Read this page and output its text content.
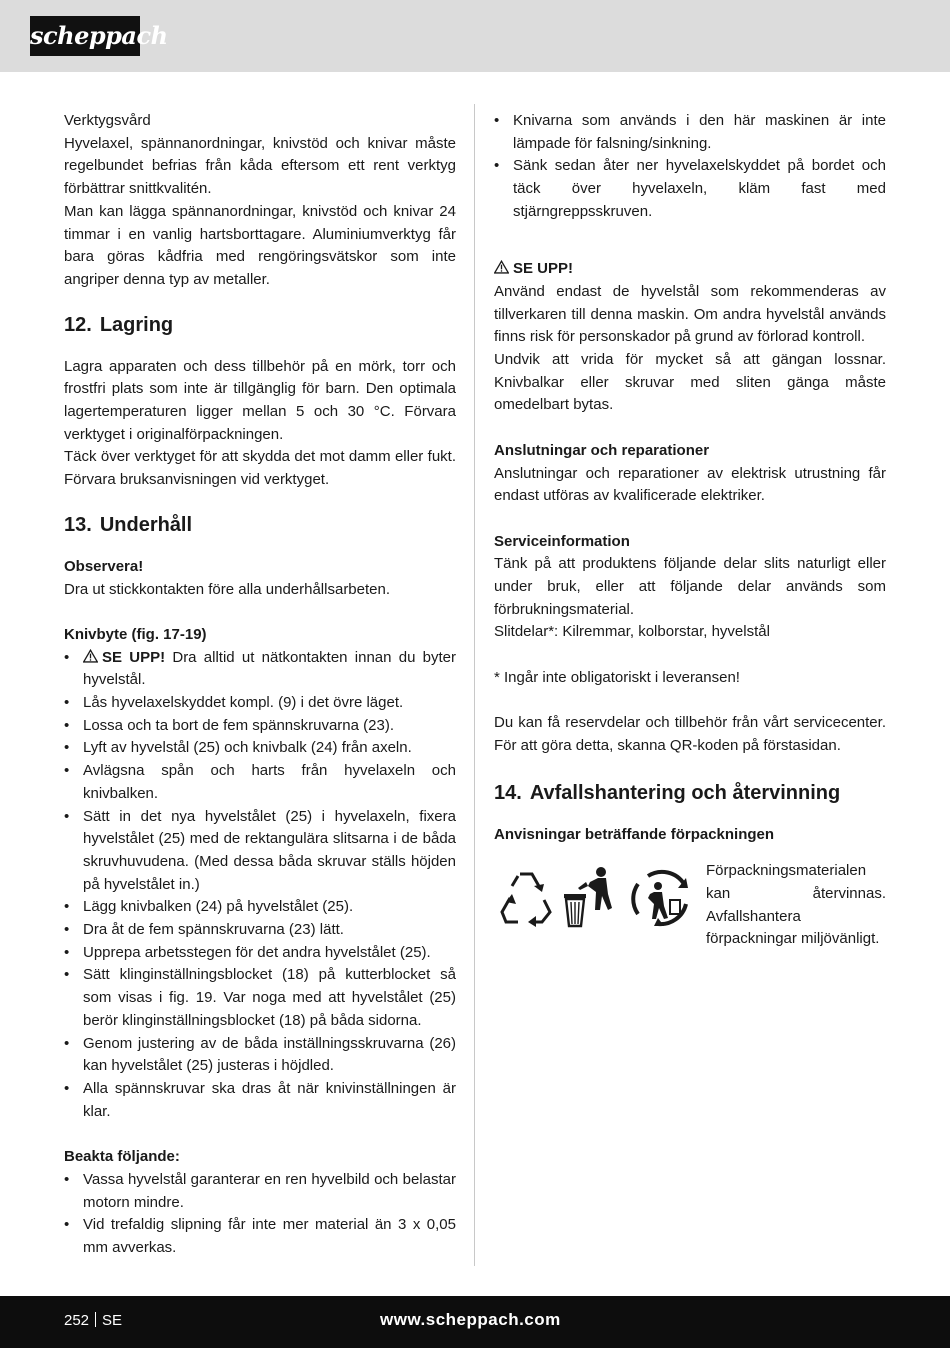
scheppach
Verktygsvård
Hyvelaxel, spännanordningar, knivstöd och knivar måste regelbundet befrias från kåda eftersom ett rent verktyg förbättrar snittkvalitén.
Man kan lägga spännanordningar, knivstöd och knivar 24 timmar i en vanlig hartsborttagare. Aluminiumverktyg får bara göras kådfria med rengöringsvätskor som inte angriper denna typ av metaller.
12. Lagring
Lagra apparaten och dess tillbehör på en mörk, torr och frostfri plats som inte är tillgänglig för barn. Den optimala lagertemperaturen ligger mellan 5 och 30 °C. Förvara verktyget i originalförpackningen.
Täck över verktyget för att skydda det mot damm eller fukt. Förvara bruksanvisningen vid verktyget.
13. Underhåll
Observera!
Dra ut stickkontakten före alla underhållsarbeten.
Knivbyte (fig. 17-19)
• SE UPP! Dra alltid ut nätkontakten innan du byter hyvelstål.
• Lås hyvelaxelskyddet kompl. (9) i det övre läget.
• Lossa och ta bort de fem spännskruvarna (23).
• Lyft av hyvelstål (25) och knivbalk (24) från axeln.
• Avlägsna spån och harts från hyvelaxeln och knivbalken.
• Sätt in det nya hyvelstålet (25) i hyvelaxeln, fixera hyvelstålet (25) med de rektangulära slitsarna i de båda skruvhuvudena. (Med dessa båda skruvar ställs höjden på hyvelstålet in.)
• Lägg knivbalken (24) på hyvelstålet (25).
• Dra åt de fem spännskruvarna (23) lätt.
• Upprepa arbetsstegen för det andra hyvelstålet (25).
• Sätt klinginställningsblocket (18) på kutterblocket så som visas i fig. 19. Var noga med att hyvelstålet (25) berör klinginställningsblocket (18) på båda sidorna.
• Genom justering av de båda inställningsskruvarna (26) kan hyvelstålet (25) justeras i höjdled.
• Alla spännskruvar ska dras åt när knivinställningen är klar.
Beakta följande:
• Vassa hyvelstål garanterar en ren hyvelbild och belastar motorn mindre.
• Vid trefaldig slipning får inte mer material än 3 x 0,05 mm avverkas.
• Knivarna som används i den här maskinen är inte lämpade för falsning/sinkning.
• Sänk sedan åter ner hyvelaxelskyddet på bordet och täck över hyvelaxeln, kläm fast med stjärngreppsskruven.
SE UPP!
Använd endast de hyvelstål som rekommenderas av tillverkaren till denna maskin. Om andra hyvelstål används finns risk för personskador på grund av förlorad kontroll.
Undvik att vrida för mycket så att gängan lossnar. Knivbalkar eller skruvar med sliten gänga måste omedelbart bytas.
Anslutningar och reparationer
Anslutningar och reparationer av elektrisk utrustning får endast utföras av kvalificerade elektriker.
Serviceinformation
Tänk på att produktens följande delar slits naturligt eller under bruk, eller att följande delar används som förbrukningsmaterial.
Slitdelar*: Kilremmar, kolborstar, hyvelstål
* Ingår inte obligatoriskt i leveransen!
Du kan få reservdelar och tillbehör från vårt servicecenter. För att göra detta, skanna QR-koden på förstasidan.
14. Avfallshantering och återvinning
Anvisningar beträffande förpackningen
Förpackningsmaterialen kan återvinnas. Avfallshantera förpackningar miljövänligt.
252 SE	www.scheppach.com
